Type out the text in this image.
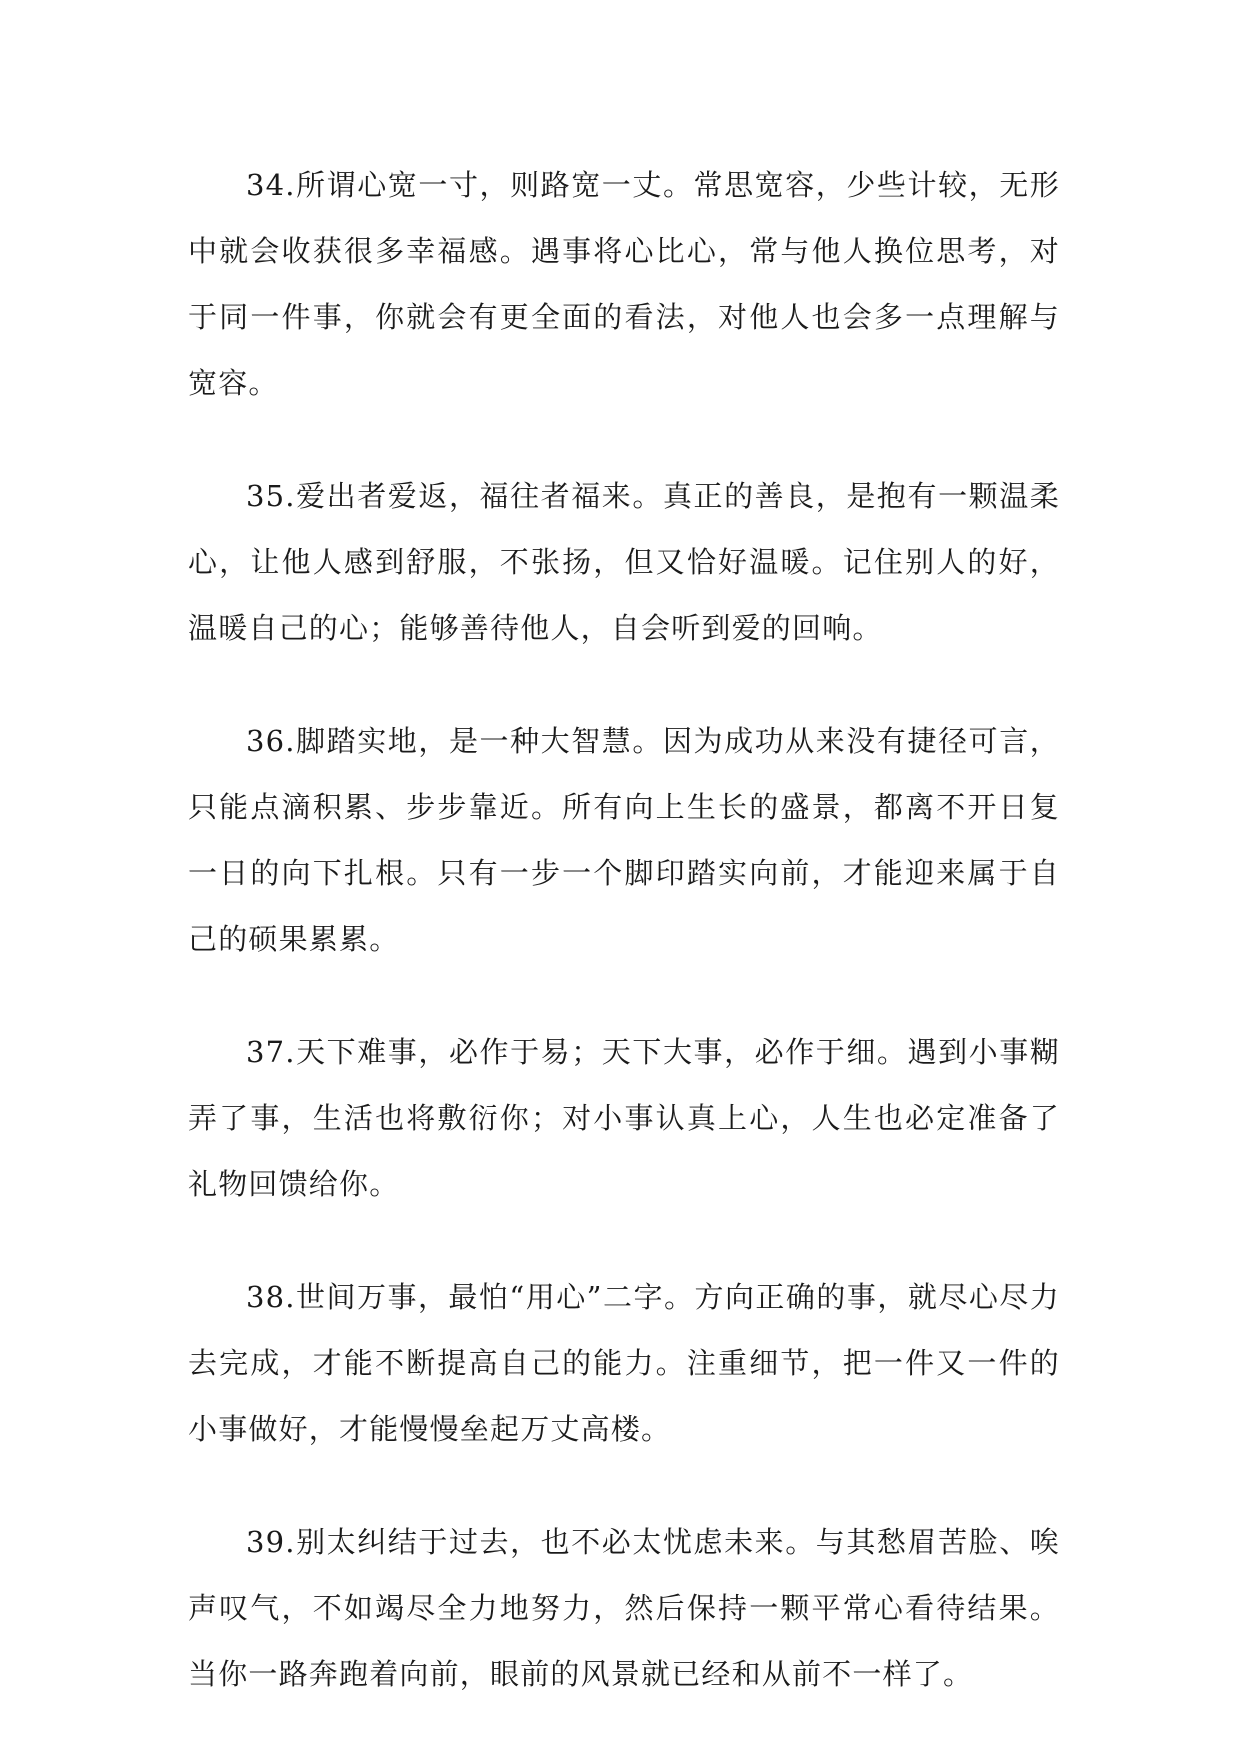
34.所谓心宽一寸，则路宽一丈。常思宽容，少些计较，无形中就会收获很多幸福感。遇事将心比心，常与他人换位思考，对于同一件事，你就会有更全面的看法，对他人也会多一点理解与宽容。

35.爱出者爱返，福往者福来。真正的善良，是抱有一颗温柔心，让他人感到舒服，不张扬，但又恰好温暖。记住别人的好，温暖自己的心；能够善待他人，自会听到爱的回响。

36.脚踏实地，是一种大智慧。因为成功从来没有捷径可言，只能点滴积累、步步靠近。所有向上生长的盛景，都离不开日复一日的向下扎根。只有一步一个脚印踏实向前，才能迎来属于自己的硕果累累。

37.天下难事，必作于易；天下大事，必作于细。遇到小事糊弄了事，生活也将敷衍你；对小事认真上心，人生也必定准备了礼物回馈给你。

38.世间万事，最怕“用心”二字。方向正确的事，就尽心尽力去完成，才能不断提高自己的能力。注重细节，把一件又一件的小事做好，才能慢慢垒起万丈高楼。

39.别太纠结于过去，也不必太忧虑未来。与其愁眉苦脸、唉声叹气，不如竭尽全力地努力，然后保持一颗平常心看待结果。当你一路奔跑着向前，眼前的风景就已经和从前不一样了。
